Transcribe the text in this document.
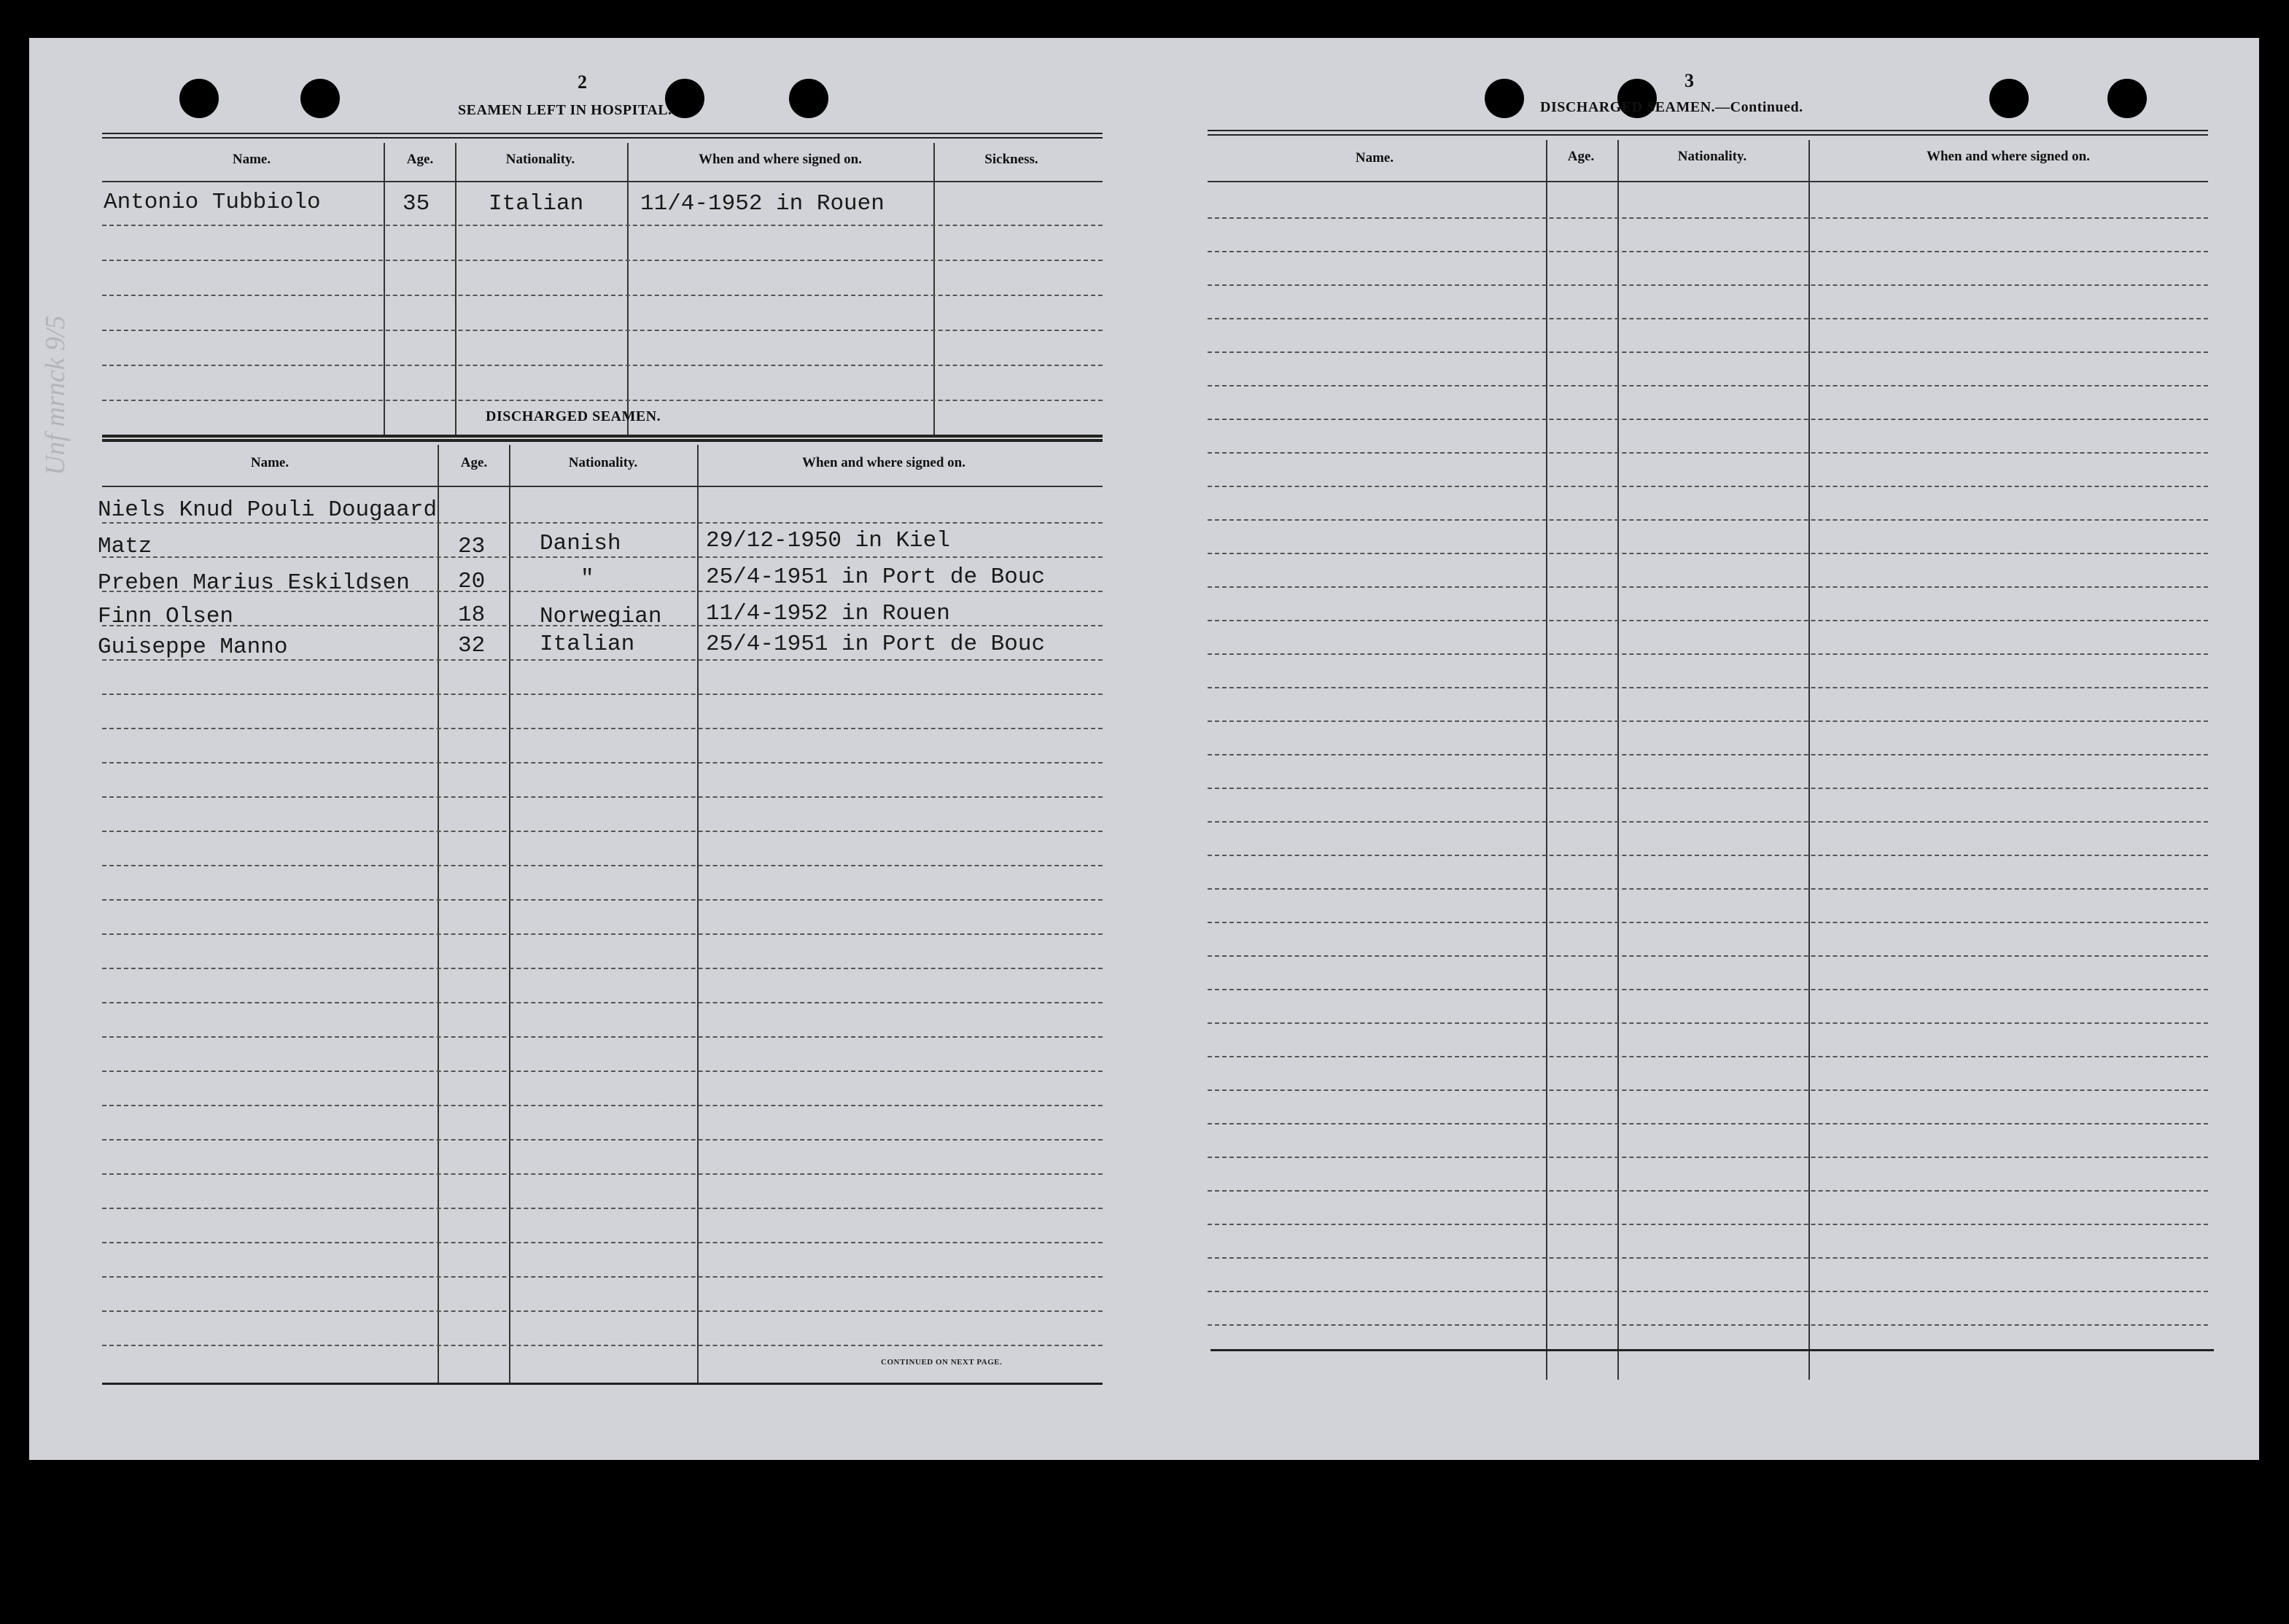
Unf mrnck 9/5
2
SEAMEN LEFT IN HOSPITAL.
Name.	Age.	Nationality.	When and where signed on.	Sickness.
Antonio Tubbiolo	35	Italian	11/4-1952 in Rouen
DISCHARGED SEAMEN.
Name.	Age.	Nationality.	When and where signed on.
Niels Knud Pouli Dougaard
Matz	23 Danish	29/12-1950 in Kiel
Preben Marius Eskildsen 20	"	25/4-1951 in Port de Bouc
Finn Olsen	18 Norwegian 11/4-1952 in Rouen
Guiseppe Manno	32 Italian	25/4-1951 in Port de Bouc
CONTINUED ON NEXT PAGE.
3
DISCHARGED SEAMEN.—Continued.
Name.	Age.	Nationality.	When and where signed on.
